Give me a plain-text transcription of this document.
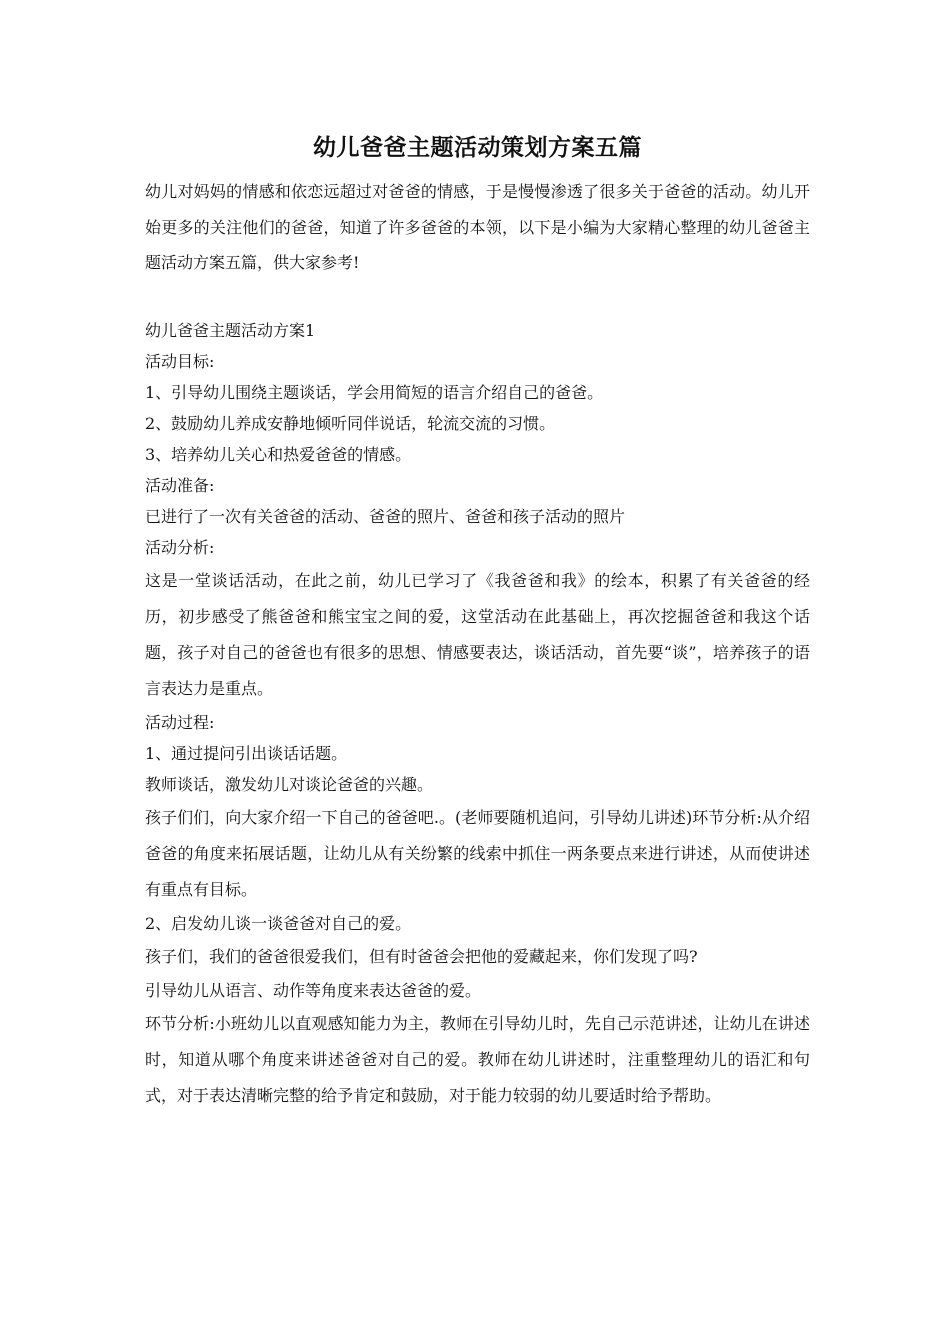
幼儿爸爸主题活动策划方案五篇

幼儿对妈妈的情感和依恋远超过对爸爸的情感，于是慢慢渗透了很多关于爸爸的活动。幼儿开始更多的关注他们的爸爸，知道了许多爸爸的本领，以下是小编为大家精心整理的幼儿爸爸主题活动方案五篇，供大家参考!

幼儿爸爸主题活动方案1

活动目标:

1、引导幼儿围绕主题谈话，学会用简短的语言介绍自己的爸爸。

2、鼓励幼儿养成安静地倾听同伴说话，轮流交流的习惯。

3、培养幼儿关心和热爱爸爸的情感。

活动准备:

已进行了一次有关爸爸的活动、爸爸的照片、爸爸和孩子活动的照片

活动分析:

这是一堂谈话活动，在此之前，幼儿已学习了《我爸爸和我》的绘本，积累了有关爸爸的经历，初步感受了熊爸爸和熊宝宝之间的爱，这堂活动在此基础上，再次挖掘爸爸和我这个话题，孩子对自己的爸爸也有很多的思想、情感要表达，谈话活动，首先要“谈”，培养孩子的语言表达力是重点。

活动过程:

1、通过提问引出谈话话题。

教师谈话，激发幼儿对谈论爸爸的兴趣。

孩子们们，向大家介绍一下自己的爸爸吧.。(老师要随机追问，引导幼儿讲述)环节分析:从介绍爸爸的角度来拓展话题，让幼儿从有关纷繁的线索中抓住一两条要点来进行讲述，从而使讲述有重点有目标。

2、启发幼儿谈一谈爸爸对自己的爱。

孩子们，我们的爸爸很爱我们，但有时爸爸会把他的爱藏起来，你们发现了吗?

引导幼儿从语言、动作等角度来表达爸爸的爱。

环节分析:小班幼儿以直观感知能力为主，教师在引导幼儿时，先自己示范讲述，让幼儿在讲述时，知道从哪个角度来讲述爸爸对自己的爱。教师在幼儿讲述时，注重整理幼儿的语汇和句式，对于表达清晰完整的给予肯定和鼓励，对于能力较弱的幼儿要适时给予帮助。
